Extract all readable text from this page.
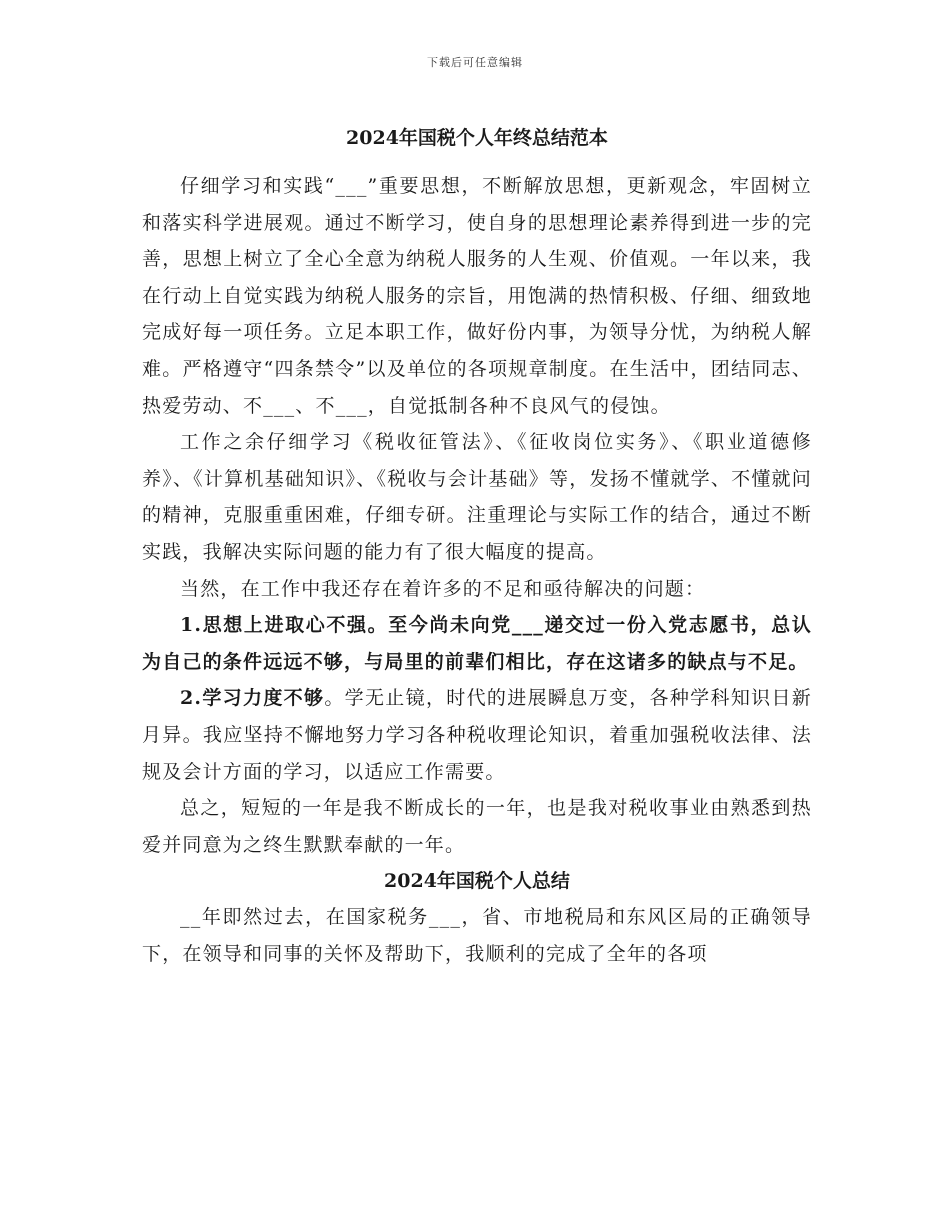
下载后可任意编辑
2024年国税个人年终总结范本

仔细学习和实践“___”重要思想，不断解放思想，更新观念，牢固树立和落实科学进展观。通过不断学习，使自身的思想理论素养得到进一步的完善，思想上树立了全心全意为纳税人服务的人生观、价值观。一年以来，我在行动上自觉实践为纳税人服务的宗旨，用饱满的热情积极、仔细、细致地完成好每一项任务。立足本职工作，做好份内事，为领导分忧，为纳税人解难。严格遵守“四条禁令”以及单位的各项规章制度。在生活中，团结同志、热爱劳动、不___、不___，自觉抵制各种不良风气的侵蚀。

工作之余仔细学习《税收征管法》、《征收岗位实务》、《职业道德修养》、《计算机基础知识》、《税收与会计基础》等，发扬不懂就学、不懂就问的精神，克服重重困难，仔细专研。注重理论与实际工作的结合，通过不断实践，我解决实际问题的能力有了很大幅度的提高。

当然，在工作中我还存在着许多的不足和亟待解决的问题：

1.思想上进取心不强。至今尚未向党___递交过一份入党志愿书，总认为自己的条件远远不够，与局里的前辈们相比，存在这诸多的缺点与不足。

2.学习力度不够。学无止镜，时代的进展瞬息万变，各种学科知识日新月异。我应坚持不懈地努力学习各种税收理论知识，着重加强税收法律、法规及会计方面的学习，以适应工作需要。

总之，短短的一年是我不断成长的一年，也是我对税收事业由熟悉到热爱并同意为之终生默默奉献的一年。

2024年国税个人总结

__年即然过去，在国家税务___，省、市地税局和东风区局的正确领导下，在领导和同事的关怀及帮助下，我顺利的完成了全年的各项
